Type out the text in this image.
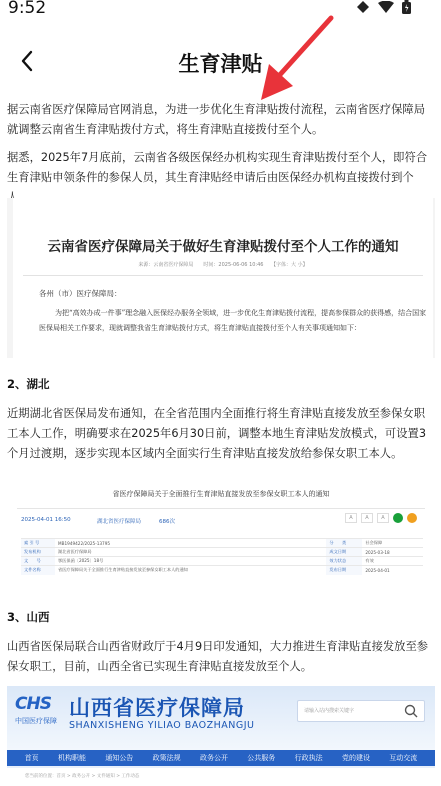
9:52
生育津贴
据云南省医疗保障局官网消息，为进一步优化生育津贴拨付流程，云南省医疗保障局就调整云南省生育津贴拨付方式，将生育津贴直接拨付至个人。
据悉，2025年7月底前，云南省各级医保经办机构实现生育津贴拨付至个人，即符合生育津贴申领条件的参保人员，其生育津贴经申请后由医保经办机构直接拨付到个
云南省医疗保障局关于做好生育津贴拨付至个人工作的通知
来源：云南省医疗保障局　　时间：2025-06-06 10:46　　【字体：大 小】
各州（市）医疗保障局：
为把“高效办成一件事”理念融入医保经办服务全领域，进一步优化生育津贴拨付流程，提高参保群众的获得感，结合国家医保局相关工作要求，现就调整我省生育津贴拨付方式，将生育津贴直接拨付至个人有关事项通知如下：
2、湖北
近期湖北省医保局发布通知，在全省范围内全面推行将生育津贴直接发放至参保女职工本人工作，明确要求在2025年6月30日前，调整本地生育津贴发放模式，可设置3个月过渡期，逐步实现本区域内全面实行生育津贴直接发放给参保女职工本人。
省医疗保障局关于全面推行生育津贴直接发放至参保女职工本人的通知
2025-04-01 16:50	湖北省医疗保障局	686次
A	A	A
索 引 号	MB1949422/2025-13795	分　　类	社会保障
发布机构	湖北省医疗保障局	成文日期	2025-03-18
文　　号	鄂医保函〔2025〕18号	效力状态	有效
文件名称	省医疗保障局关于全面推行生育津贴直接发放至参保女职工本人的通知	发布日期	2025-04-01
3、山西
山西省医保局联合山西省财政厅于4月9日印发通知，大力推进生育津贴直接发放至参保女职工，目前，山西全省已实现生育津贴直接发放至个人。
CHS
中国医疗保障
山西省医疗保障局
SHANXISHENG YILIAO BAOZHANGJU
请输入站内搜索关键字
首页	机构职能	通知公告	政策法规	政务公开	公共服务	行政执法	党的建设	互动交流
您当前的位置：首页 > 政务公开 > 文件通知 > 工作动态
